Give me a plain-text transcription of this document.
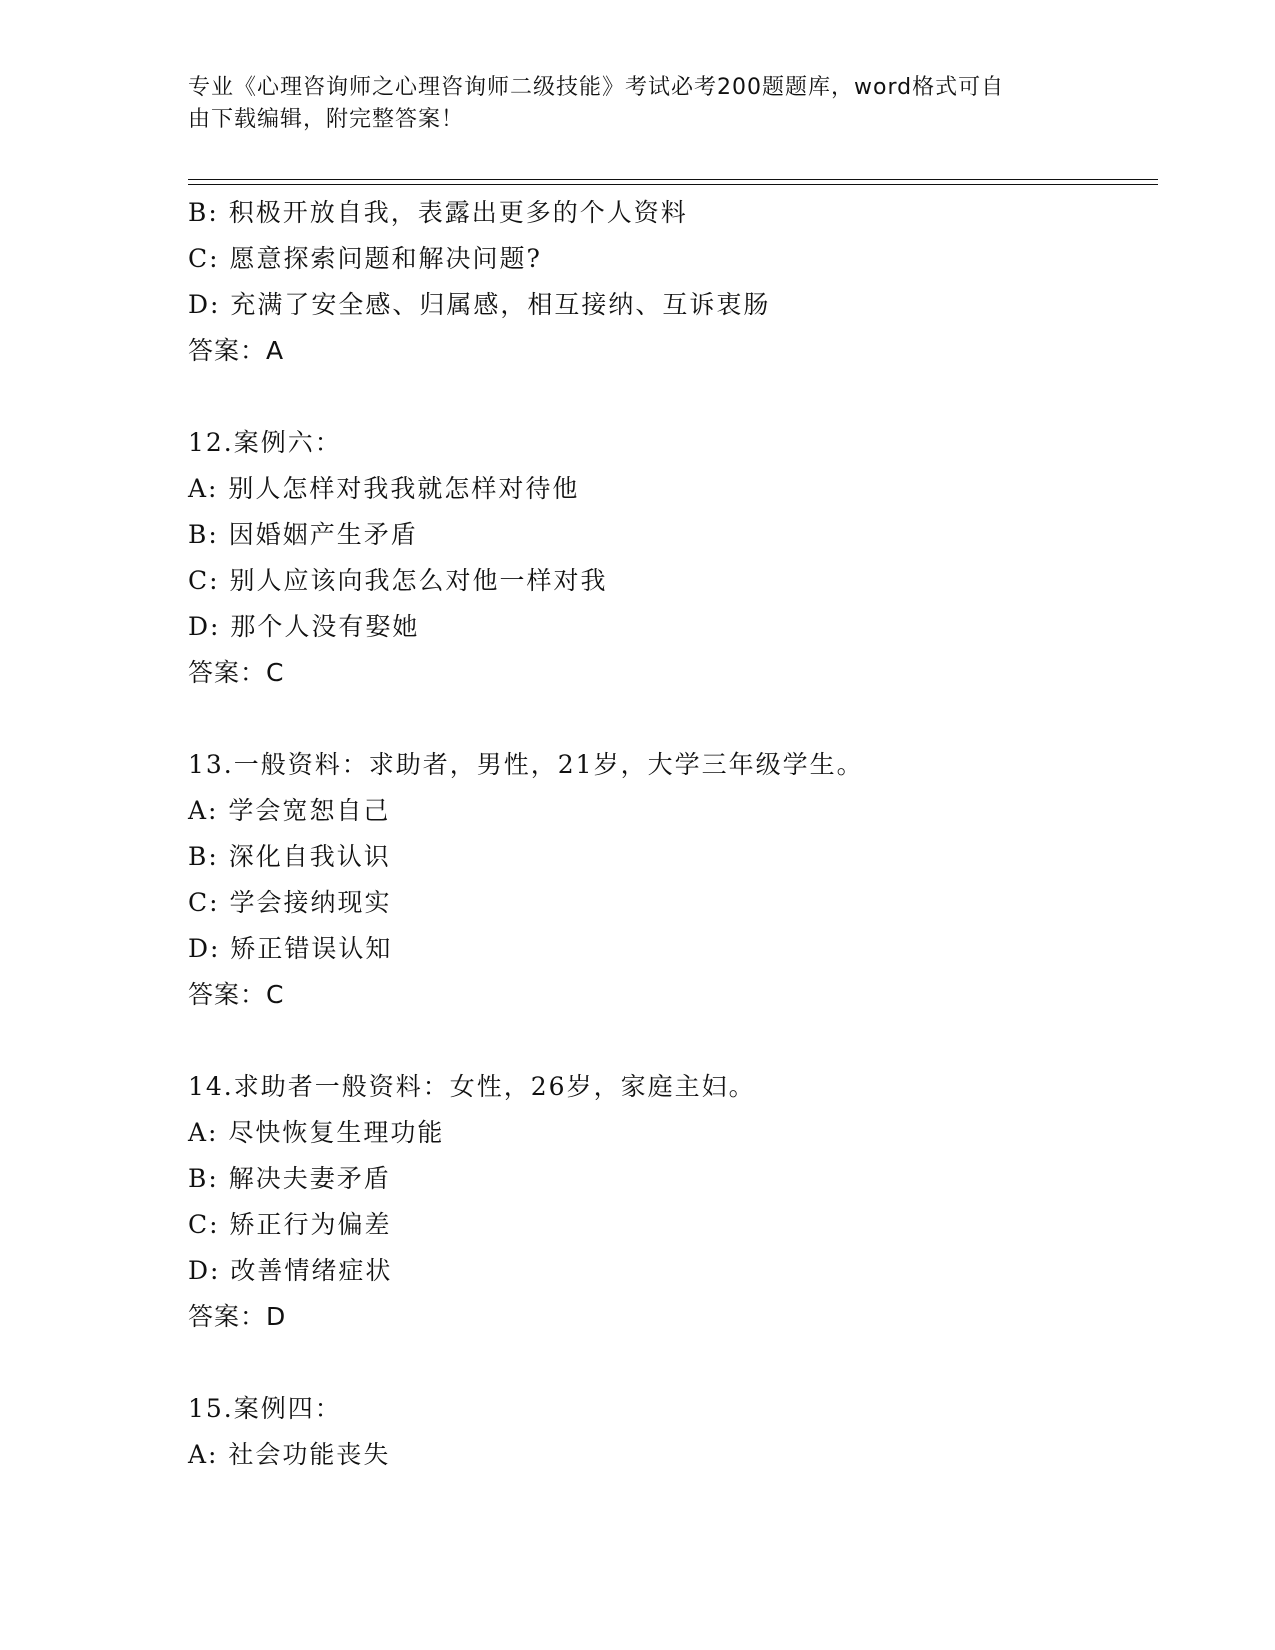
专业《心理咨询师之心理咨询师二级技能》考试必考200题题库，word格式可自
由下载编辑，附完整答案！
B: 积极开放自我，表露出更多的个人资料
C: 愿意探索问题和解决问题?
D: 充满了安全感、归属感，相互接纳、互诉衷肠
答案：A
12.案例六：
A: 别人怎样对我我就怎样对待他
B: 因婚姻产生矛盾
C: 别人应该向我怎么对他一样对我
D: 那个人没有娶她
答案：C
13.一般资料：求助者，男性，21岁，大学三年级学生。
A: 学会宽恕自己
B: 深化自我认识
C: 学会接纳现实
D: 矫正错误认知
答案：C
14.求助者一般资料：女性，26岁，家庭主妇。
A: 尽快恢复生理功能
B: 解决夫妻矛盾
C: 矫正行为偏差
D: 改善情绪症状
答案：D
15.案例四：
A: 社会功能丧失
